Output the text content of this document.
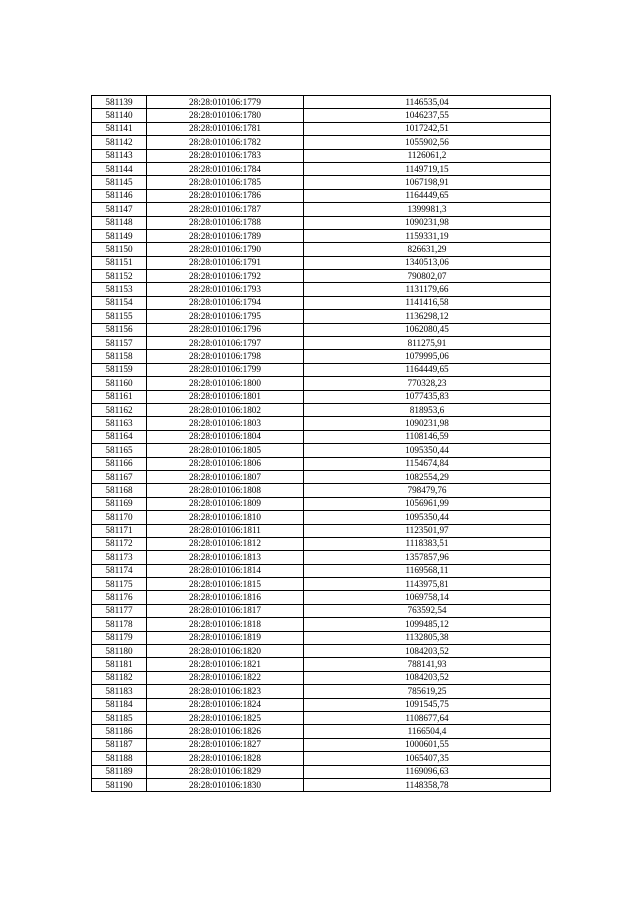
581139	28:28:010106:1779	1146535,04
581140	28:28:010106:1780	1046237,55
581141	28:28:010106:1781	1017242,51
581142	28:28:010106:1782	1055902,56
581143	28:28:010106:1783	1126061,2
581144	28:28:010106:1784	1149719,15
581145	28:28:010106:1785	1067198,91
581146	28:28:010106:1786	1164449,65
581147	28:28:010106:1787	1399981,3
581148	28:28:010106:1788	1090231,98
581149	28:28:010106:1789	1159331,19
581150	28:28:010106:1790	826631,29
581151	28:28:010106:1791	1340513,06
581152	28:28:010106:1792	790802,07
581153	28:28:010106:1793	1131179,66
581154	28:28:010106:1794	1141416,58
581155	28:28:010106:1795	1136298,12
581156	28:28:010106:1796	1062080,45
581157	28:28:010106:1797	811275,91
581158	28:28:010106:1798	1079995,06
581159	28:28:010106:1799	1164449,65
581160	28:28:010106:1800	770328,23
581161	28:28:010106:1801	1077435,83
581162	28:28:010106:1802	818953,6
581163	28:28:010106:1803	1090231,98
581164	28:28:010106:1804	1108146,59
581165	28:28:010106:1805	1095350,44
581166	28:28:010106:1806	1154674,84
581167	28:28:010106:1807	1082554,29
581168	28:28:010106:1808	798479,76
581169	28:28:010106:1809	1056961,99
581170	28:28:010106:1810	1095350,44
581171	28:28:010106:1811	1123501,97
581172	28:28:010106:1812	1118383,51
581173	28:28:010106:1813	1357857,96
581174	28:28:010106:1814	1169568,11
581175	28:28:010106:1815	1143975,81
581176	28:28:010106:1816	1069758,14
581177	28:28:010106:1817	763592,54
581178	28:28:010106:1818	1099485,12
581179	28:28:010106:1819	1132805,38
581180	28:28:010106:1820	1084203,52
581181	28:28:010106:1821	788141,93
581182	28:28:010106:1822	1084203,52
581183	28:28:010106:1823	785619,25
581184	28:28:010106:1824	1091545,75
581185	28:28:010106:1825	1108677,64
581186	28:28:010106:1826	1166504,4
581187	28:28:010106:1827	1000601,55
581188	28:28:010106:1828	1065407,35
581189	28:28:010106:1829	1169096,63
581190	28:28:010106:1830	1148358,78
